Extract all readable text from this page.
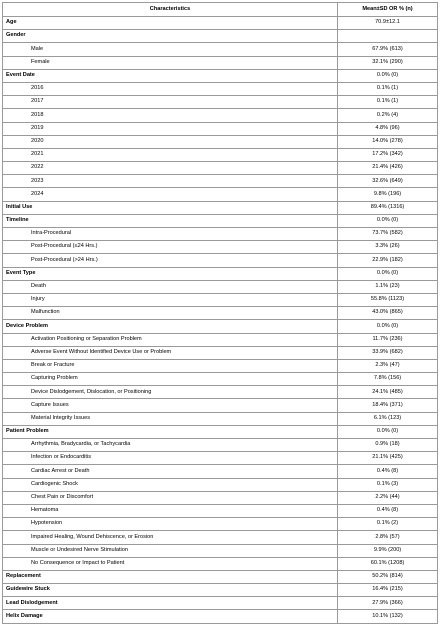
Characteristics	Mean±SD OR % (n)
Age	70.9±12.1
Gender	
Male	67.9% (613)
Female	32.1% (290)
Event Date	0.0% (0)
2016	0.1% (1)
2017	0.1% (1)
2018	0.2% (4)
2019	4.8% (96)
2020	14.0% (278)
2021	17.2% (342)
2022	21.4% (426)
2023	32.6% (649)
2024	9.8% (196)
Initial Use	89.4% (1316)
Timeline	0.0% (0)
Intra-Procedural	73.7% (582)
Post-Procedural (≤24 Hrs.)	3.3% (26)
Post-Procedural (>24 Hrs.)	22.9% (182)
Event Type	0.0% (0)
Death	1.1% (23)
Injury	55.8% (1123)
Malfunction	43.0% (865)
Device Problem	0.0% (0)
Activation Positioning or Separation Problem	11.7% (236)
Adverse Event Without Identified Device Use or Problem	33.9% (682)
Break or Fracture	2.3% (47)
Capturing Problem	7.8% (156)
Device Dislodgement, Dislocation, or Positioning	24.1% (485)
Capture Issues	18.4% (371)
Material Integrity Issues	6.1% (123)
Patient Problem	0.0% (0)
Arrhythmia, Bradycardia, or Tachycardia	0.9% (18)
Infection or Endocarditis	21.1% (425)
Cardiac Arrest or Death	0.4% (8)
Cardiogenic Shock	0.1% (3)
Chest Pain or Discomfort	2.2% (44)
Hematoma	0.4% (8)
Hypotension	0.1% (2)
Impaired Healing, Wound Dehiscence, or Erosion	2.8% (57)
Muscle or Undesired Nerve Stimulation	9.9% (200)
No Consequence or Impact to Patient	60.1% (1208)
Replacement	50.2% (814)
Guidewire Stuck	16.4% (215)
Lead Dislodgement	27.9% (366)
Helix Damage	10.1% (132)
